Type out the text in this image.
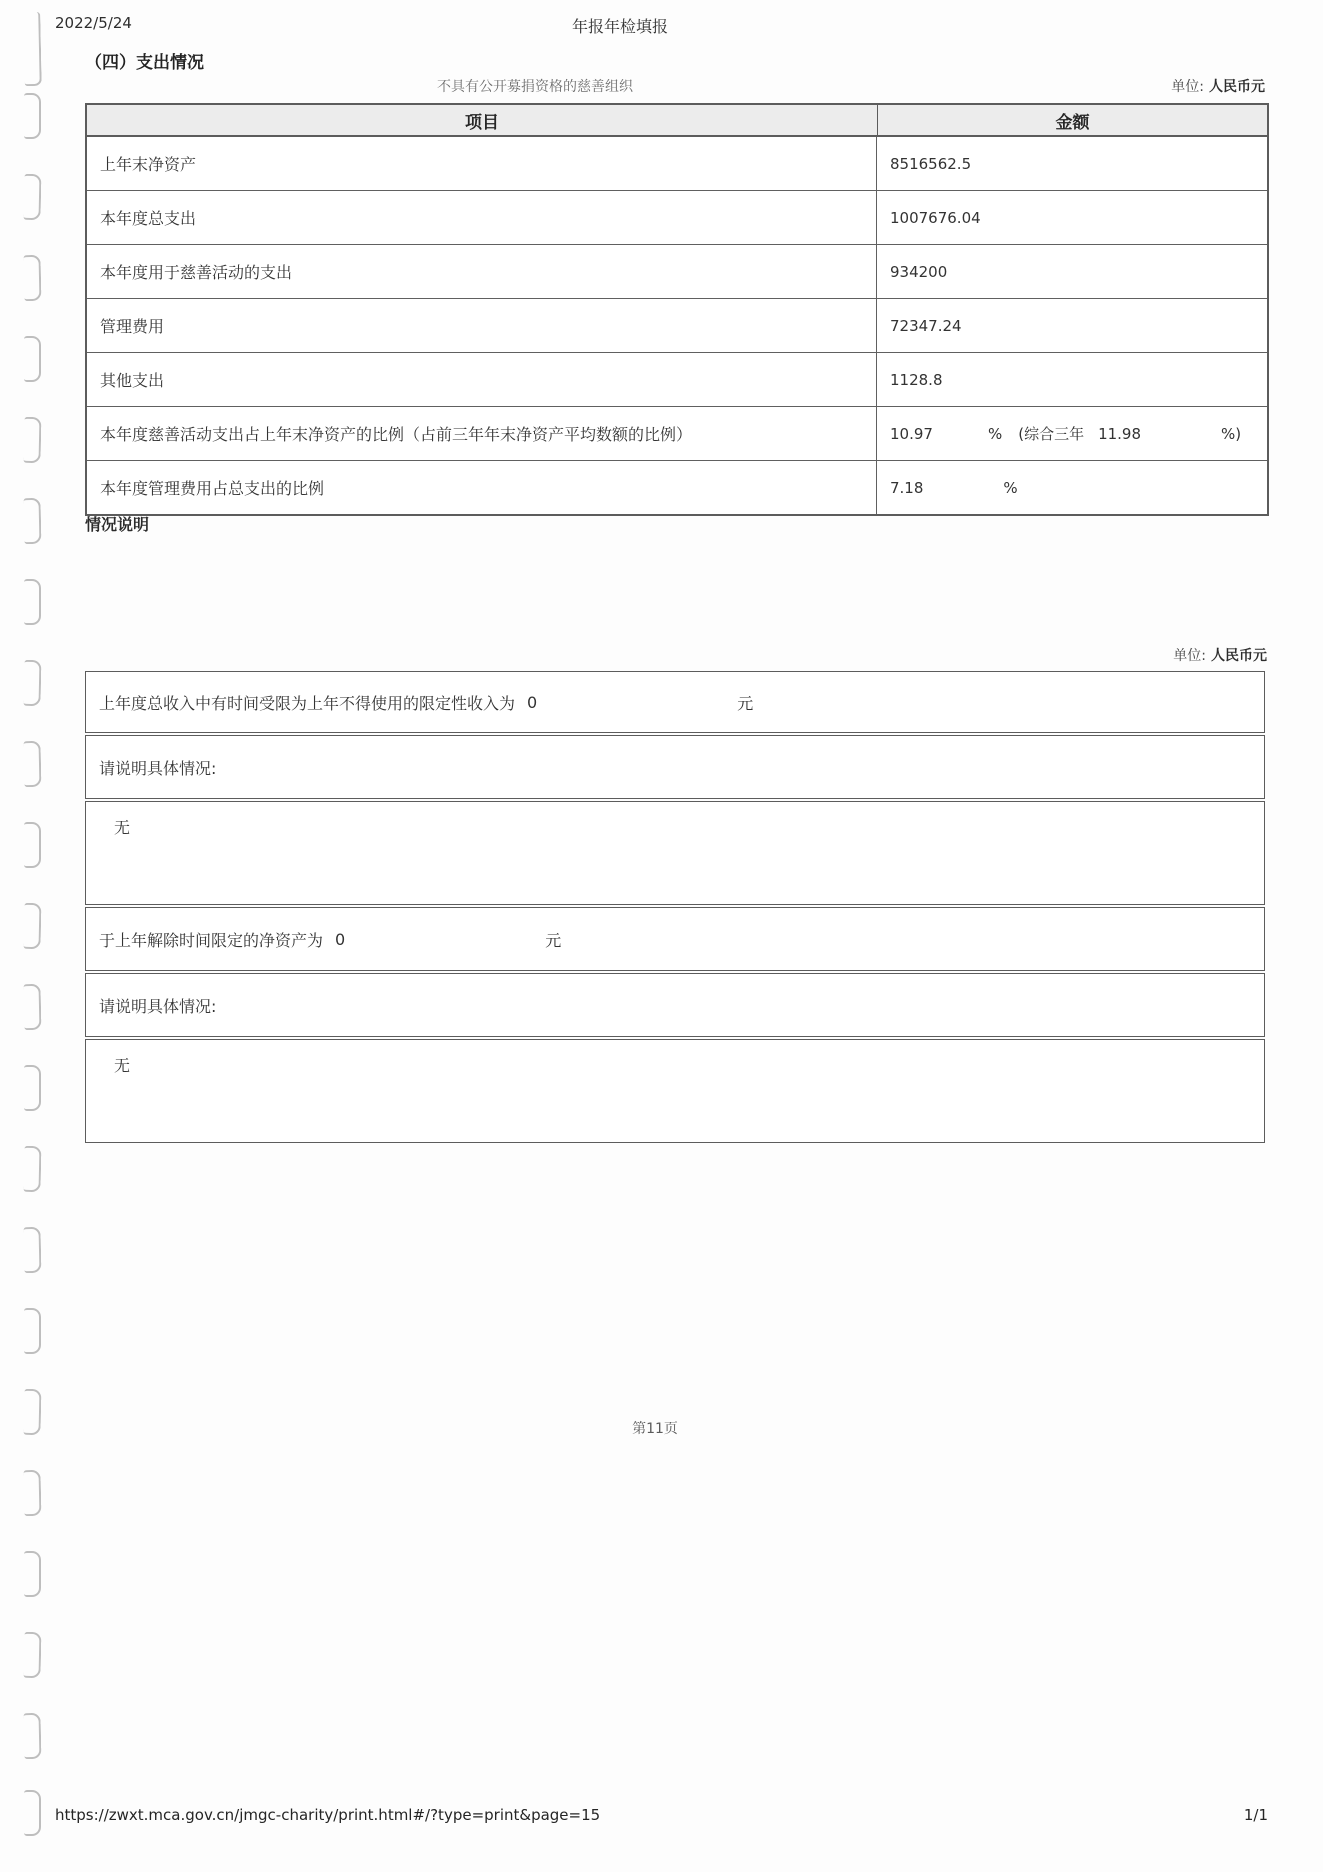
2022/5/24	年报年检填报
（四）支出情况
不具有公开募捐资格的慈善组织	单位: 人民币元
项目	金额
上年末净资产	8516562.5
本年度总支出	1007676.04
本年度用于慈善活动的支出	934200
管理费用	72347.24
其他支出	1128.8
本年度慈善活动支出占上年末净资产的比例（占前三年年末净资产平均数额的比例）	10.97	% (综合三年 11.98	%)
本年度管理费用占总支出的比例	7.18	%
情况说明
单位: 人民币元
上年度总收入中有时间受限为上年不得使用的限定性收入为 0	元
请说明具体情况:
无
于上年解除时间限定的净资产为 0	元
请说明具体情况:
无
第11页
https://zwxt.mca.gov.cn/jmgc-charity/print.html#/?type=print&page=15	1/1
